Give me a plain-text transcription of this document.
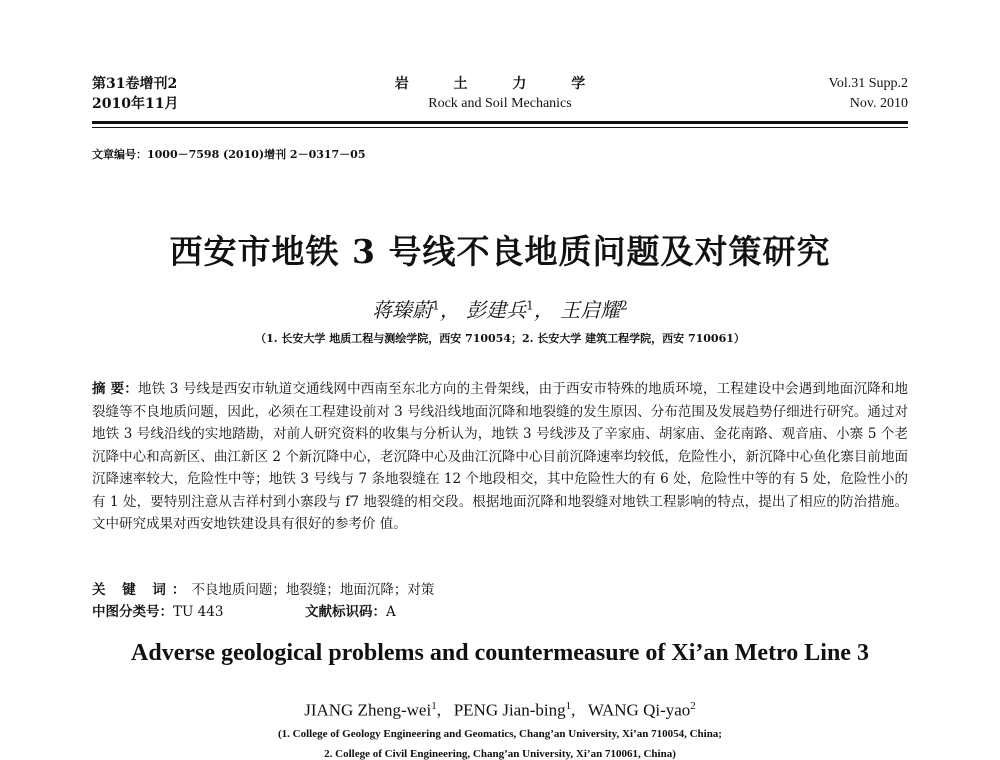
第31卷增刊2
2010年11月
岩 土 力 学
Rock and Soil Mechanics
Vol.31 Supp.2
Nov. 2010
文章编号：1000－7598 (2010)增刊 2－0317－05
西安市地铁 3 号线不良地质问题及对策研究
蒋臻蔚$^1$， 彭建兵$^1$， 王启耀$^2$
（1. 长安大学 地质工程与测绘学院，西安 710054；2. 长安大学 建筑工程学院，西安 710061）
摘 要：地铁 3 号线是西安市轨道交通线网中西南至东北方向的主骨架线，由于西安市特殊的地质环境，工程建设中会遇到地面沉降和地裂缝等不良地质问题，因此，必须在工程建设前对 3 号线沿线地面沉降和地裂缝的发生原因、分布范围及发展趋势仔细进行研究。通过对地铁 3 号线沿线的实地踏勘，对前人研究资料的收集与分析认为，地铁 3 号线涉及了辛家庙、胡家庙、金花南路、观音庙、小寨 5 个老沉降中心和高新区、曲江新区 2 个新沉降中心，老沉降中心及曲江沉降中心目前沉降速率均较低，危险性小，新沉降中心鱼化寨目前地面沉降速率较大，危险性中等；地铁 3 号线与 7 条地裂缝在 12 个地段相交，其中危险性大的有 6 处，危险性中等的有 5 处，危险性小的有 1 处，要特别注意从吉祥村到小寨段与 f7 地裂缝的相交段。根据地面沉降和地裂缝对地铁工程影响的特点，提出了相应的防治措施。文中研究成果对西安地铁建设具有很好的参考价 值。
关 键 词：不良地质问题；地裂缝；地面沉降；对策
中图分类号：TU 443	文献标识码：A
Adverse geological problems and countermeasure of Xi’an Metro Line 3
JIANG Zheng-wei$^1$,   PENG Jian-bing$^1$,   WANG Qi-yao$^2$
(1. College of Geology Engineering and Geomatics, Chang’an University, Xi’an 710054, China;
2. College of Civil Engineering, Chang’an University, Xi’an 710061, China)
